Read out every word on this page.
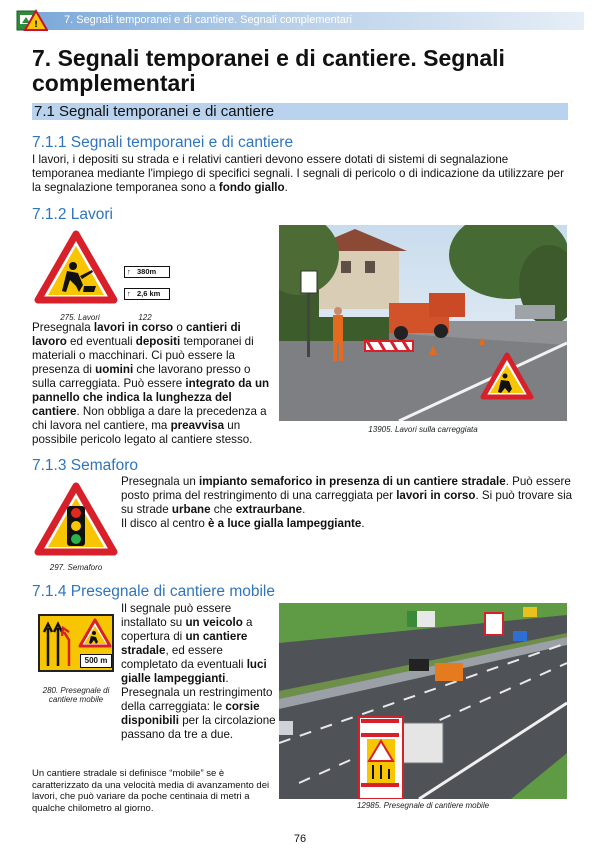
7. Segnali temporanei e di cantiere. Segnali complementari
!
7. Segnali temporanei e di cantiere. Segnali complementari
7.1 Segnali temporanei e di cantiere
7.1.1 Segnali temporanei e di cantiere
I lavori, i depositi su strada e i relativi cantieri devono essere dotati di sistemi di segnalazione temporanea mediante l'impiego di specifici segnali. I segnali di pericolo o di indicazione da utilizzare per la segnalazione temporanea sono a fondo giallo.
7.1.2 Lavori
↑ 380m
↑ 2,6 km
275. Lavori	122
Presegnala lavori in corso o cantieri di lavoro ed eventuali depositi temporanei di materiali o macchinari. Ci può essere la presenza di uomini che lavorano presso o sulla carreggiata. Può essere integrato da un pannello che indica la lunghezza del cantiere. Non obbliga a dare la precedenza a chi lavora nel cantiere, ma preavvisa un possibile pericolo legato al cantiere stesso.
13905. Lavori sulla carreggiata
7.1.3 Semaforo
297. Semaforo
Presegnala un impianto semaforico in presenza di un cantiere stradale. Può essere posto prima del restringimento di una carreggiata per lavori in corso. Si può trovare sia su strade urbane che extraurbane.
Il disco al centro è a luce gialla lampeggiante.
7.1.4 Presegnale di cantiere mobile
500 m
280. Presegnale di cantiere mobile
Il segnale può essere installato su un veicolo a copertura di un cantiere stradale, ed essere completato da eventuali luci gialle lampeggianti. Presegnala un restringimento della carreggiata: le corsie disponibili per la circolazione passano da tre a due.
Un cantiere stradale si definisce “mobile” se è caratterizzato da una velocità media di avanzamento dei lavori, che può variare da poche centinaia di metri a qualche chilometro al giorno.	12985. Presegnale di cantiere mobile
76
